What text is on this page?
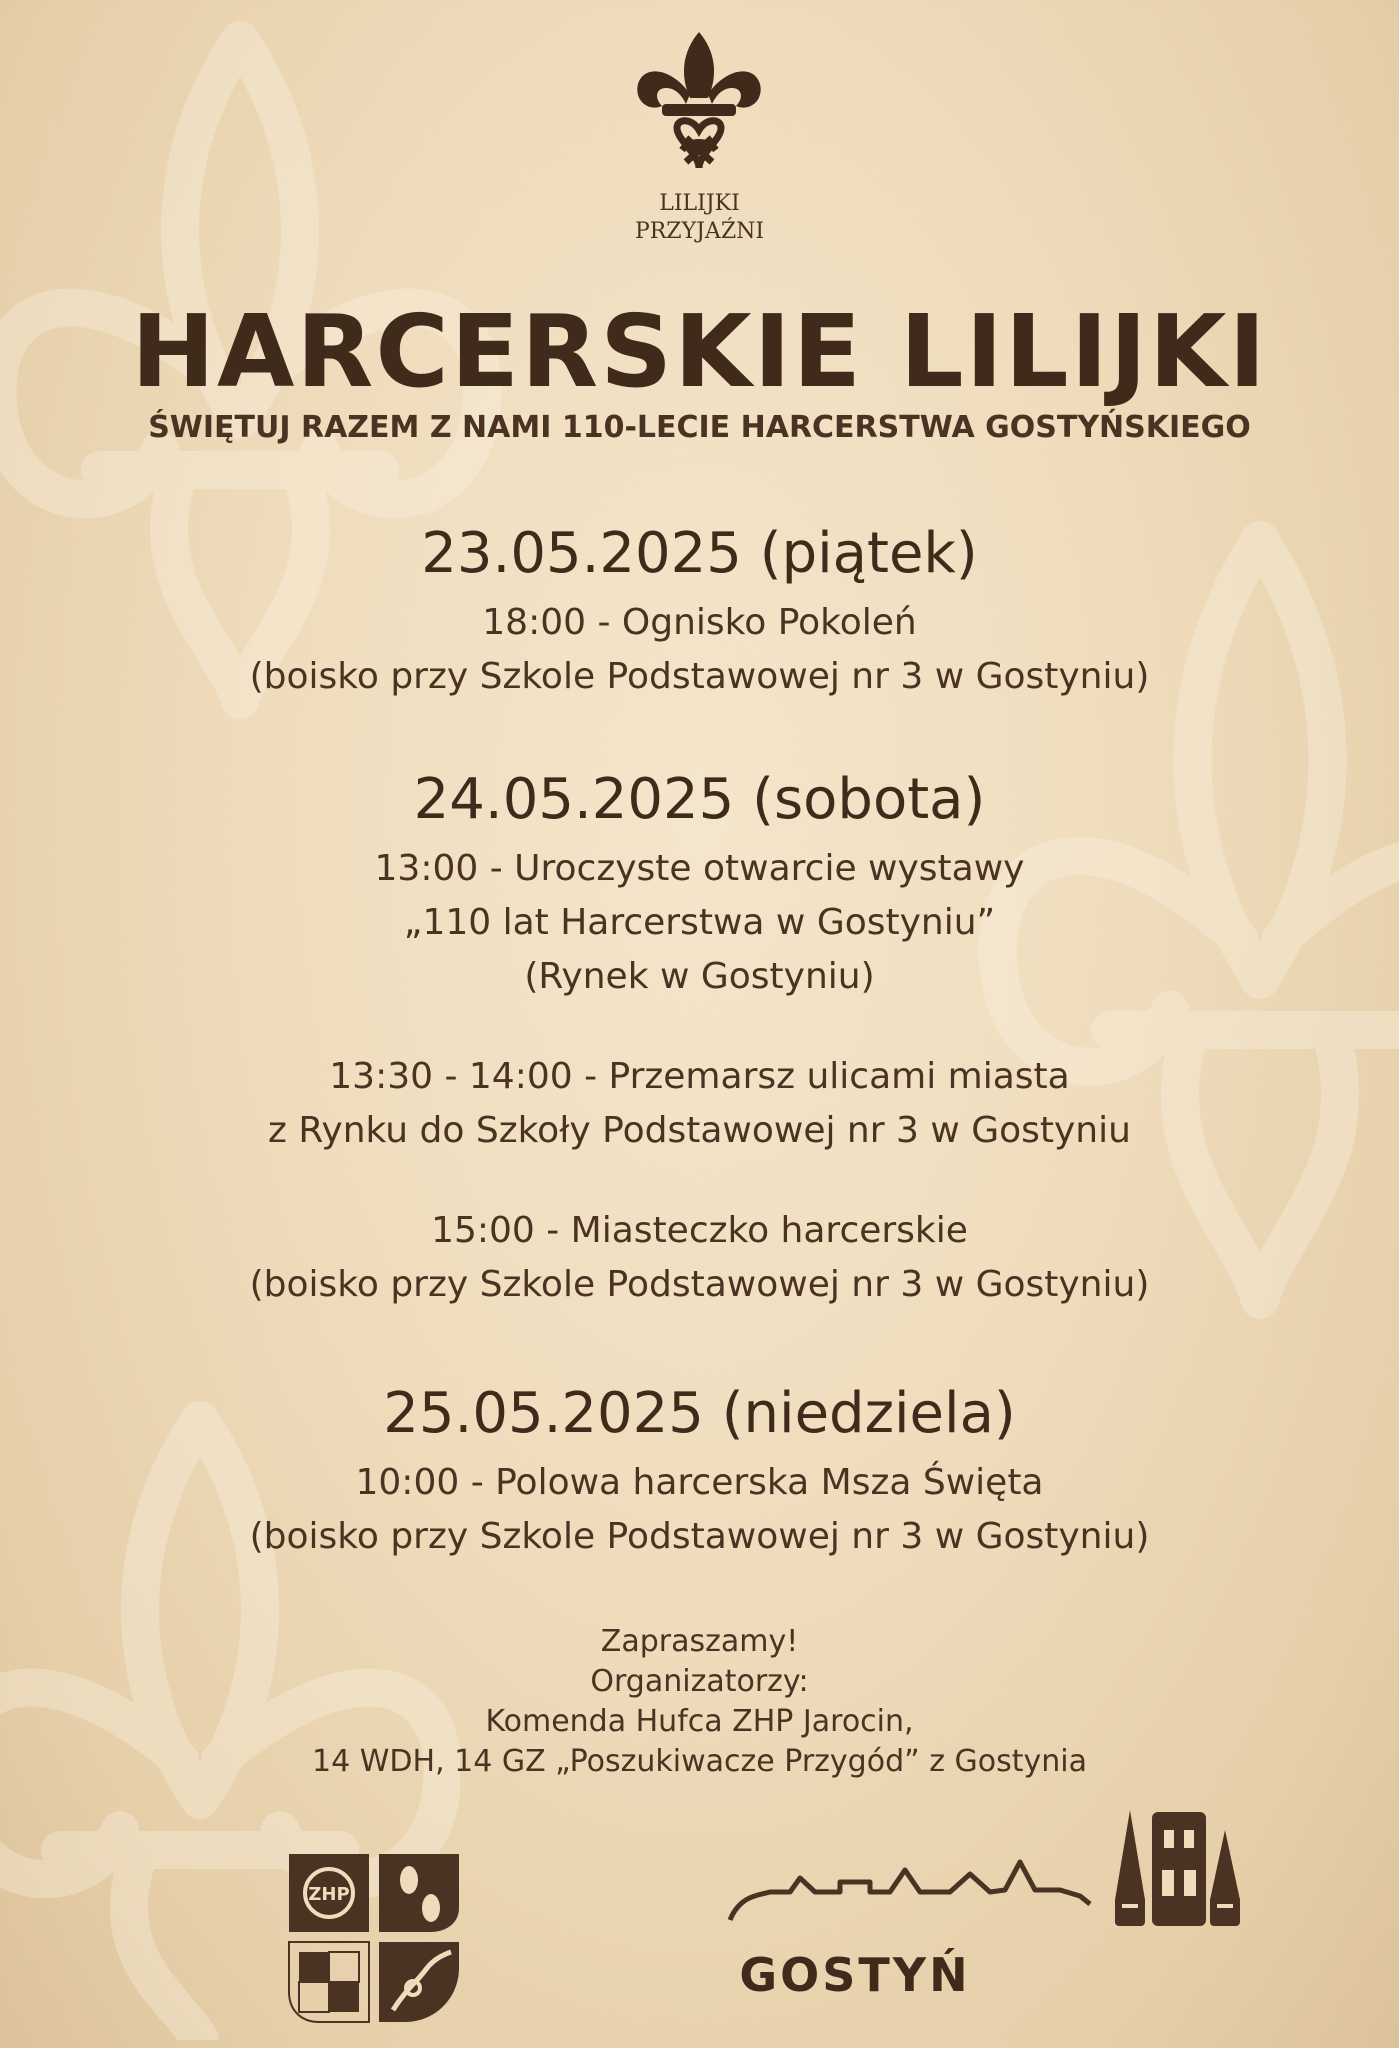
LILIJKI
PRZYJAŹNI
HARCERSKIE LILIJKI
ŚWIĘTUJ RAZEM Z NAMI 110-LECIE HARCERSTWA GOSTYŃSKIEGO
23.05.2025 (piątek)
18:00 - Ognisko Pokoleń
(boisko przy Szkole Podstawowej nr 3 w Gostyniu)
24.05.2025 (sobota)
13:00 - Uroczyste otwarcie wystawy
„110 lat Harcerstwa w Gostyniu”
(Rynek w Gostyniu)
13:30 - 14:00 - Przemarsz ulicami miasta
z Rynku do Szkoły Podstawowej nr 3 w Gostyniu
15:00 - Miasteczko harcerskie
(boisko przy Szkole Podstawowej nr 3 w Gostyniu)
25.05.2025 (niedziela)
10:00 - Polowa harcerska Msza Święta
(boisko przy Szkole Podstawowej nr 3 w Gostyniu)
Zapraszamy!
Organizatorzy:
Komenda Hufca ZHP Jarocin,
14 WDH, 14 GZ „Poszukiwacze Przygód” z Gostynia
ZHP
GOSTYŃ
